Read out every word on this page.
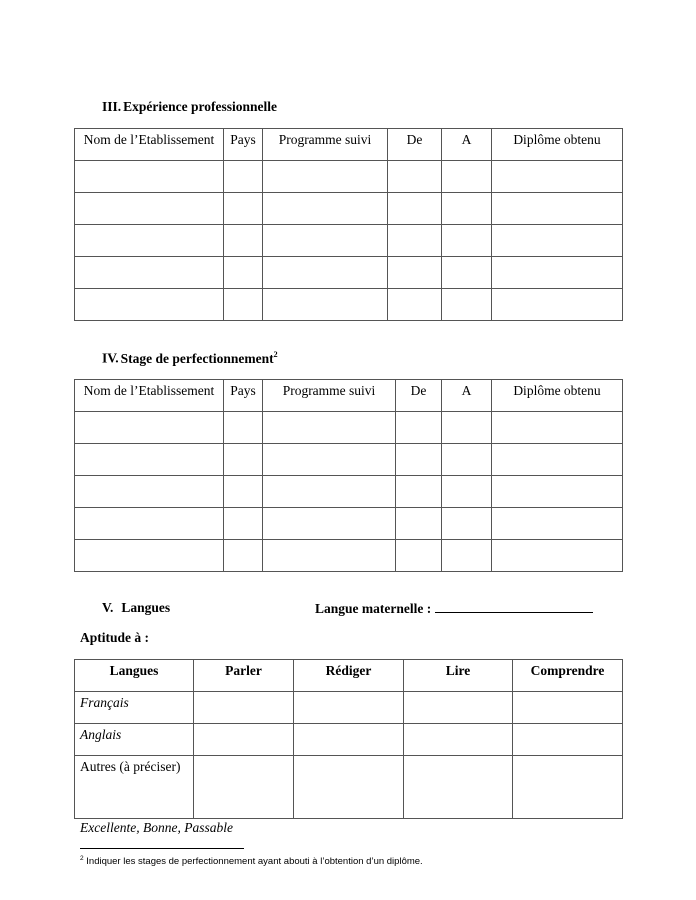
III. Expérience professionnelle
Nom de l’Etablissement	Pays	Programme suivi	De	A	Diplôme obtenu

IV. Stage de perfectionnement$^2$
Nom de l’Etablissement	Pays	Programme suivi	De	A	Diplôme obtenu

V. Langues	Langue maternelle :
Aptitude à :
Langues	Parler	Rédiger	Lire	Comprendre

Français				

Anglais				

Autres (à préciser)				

Excellente, Bonne, Passable
$^2$ Indiquer les stages de perfectionnement ayant abouti à l’obtention d’un diplôme.
